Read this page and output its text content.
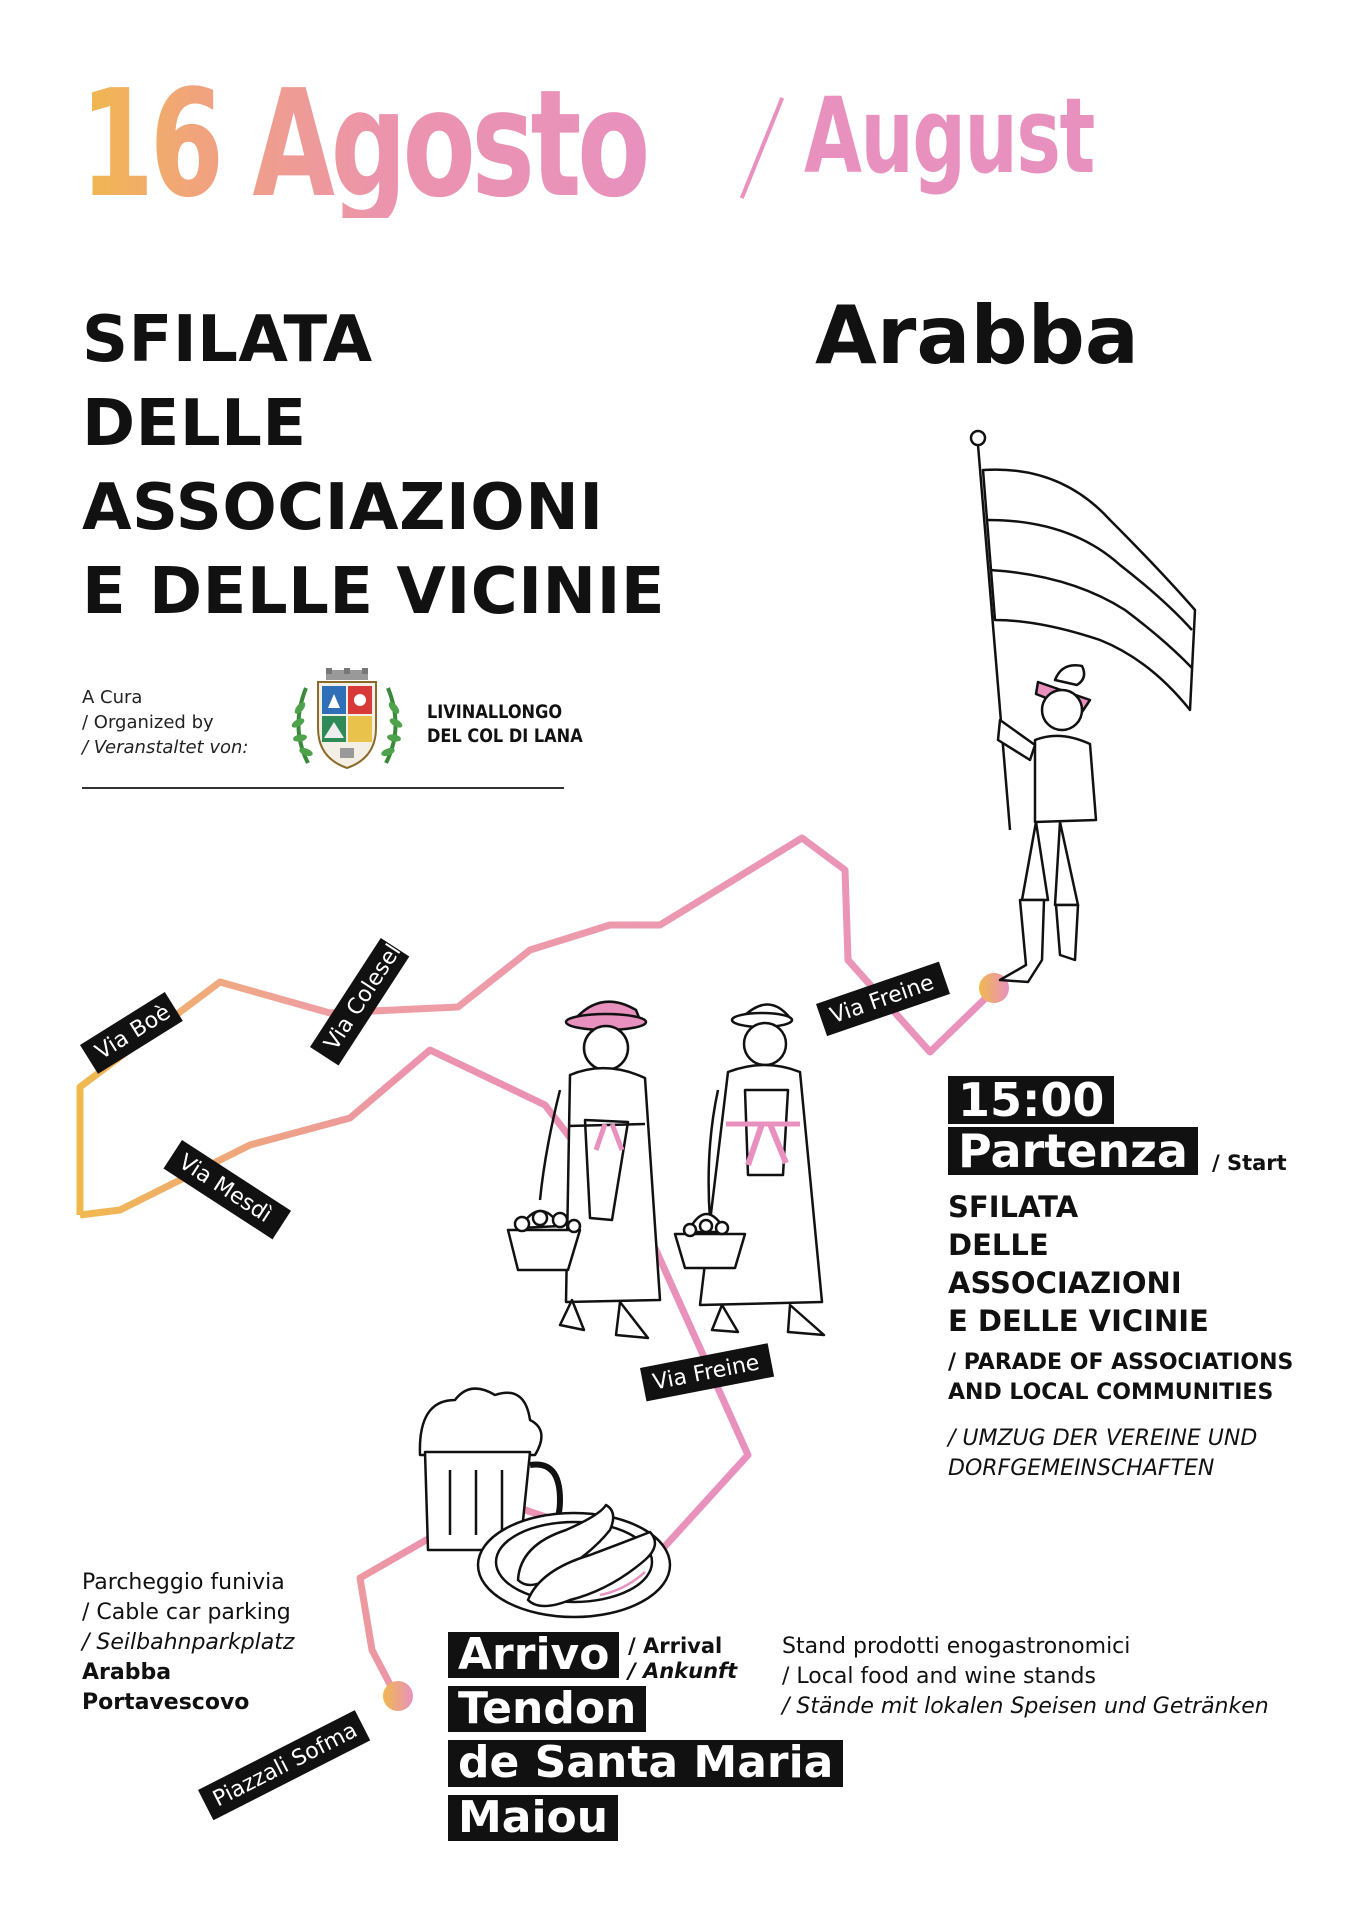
16 Agosto	August
SFILATA
DELLE
ASSOCIAZIONI
E DELLE VICINIE
Arabba
A Cura
/ Organized by
/ Veranstaltet von:
LIVINALLONGO
DEL COL DI LANA
Via Boè	Via Colesel
Via Mesdì
Via Freine
Via Freine
Piazzali Sofma
15:00
Partenza / Start
SFILATA
DELLE
ASSOCIAZIONI
E DELLE VICINIE
/ PARADE OF ASSOCIATIONS
AND LOCAL COMMUNITIES
/ UMZUG DER VEREINE UND
DORFGEMEINSCHAFTEN
Parcheggio funivia
/ Cable car parking
/ Seilbahnparkplatz
Arabba
Portavescovo
Arrivo
Tendon
de Santa Maria
Maiou
/ Arrival
/ Ankunft
Stand prodotti enogastronomici
/ Local food and wine stands
/ Stände mit lokalen Speisen und Getränken
